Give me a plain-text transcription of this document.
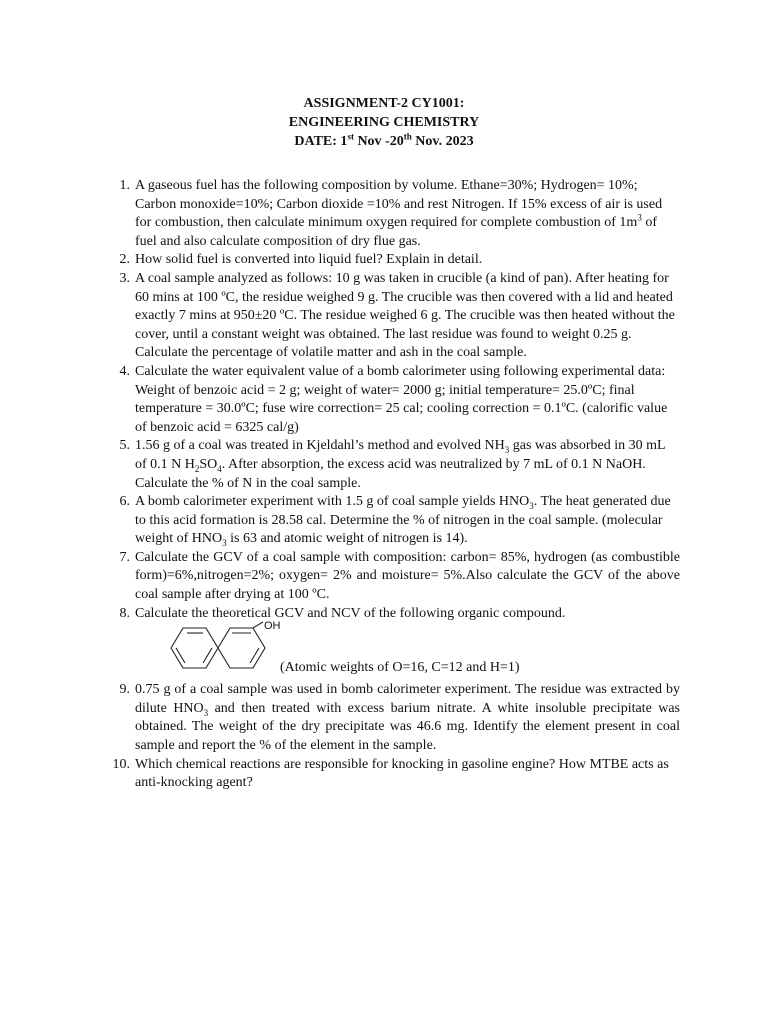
ASSIGNMENT-2 CY1001:
ENGINEERING CHEMISTRY
DATE: 1st Nov -20th Nov. 2023
1. A gaseous fuel has the following composition by volume. Ethane=30%; Hydrogen= 10%; Carbon monoxide=10%; Carbon dioxide =10% and rest Nitrogen. If 15% excess of air is used for combustion, then calculate minimum oxygen required for complete combustion of $1m^3$ of fuel and also calculate composition of dry flue gas.
2. How solid fuel is converted into liquid fuel? Explain in detail.
3. A coal sample analyzed as follows: 10 g was taken in crucible (a kind of pan). After heating for 60 mins at 100 ºC, the residue weighed 9 g. The crucible was then covered with a lid and heated exactly 7 mins at 950±20 ºC. The residue weighed 6 g. The crucible was then heated without the cover, until a constant weight was obtained. The last residue was found to weight 0.25 g. Calculate the percentage of volatile matter and ash in the coal sample.
4. Calculate the water equivalent value of a bomb calorimeter using following experimental data: Weight of benzoic acid = 2 g; weight of water= 2000 g; initial temperature= 25.0ºC; final temperature = 30.0ºC; fuse wire correction= 25 cal; cooling correction = 0.1ºC. (calorific value of benzoic acid = 6325 cal/g)
5. 1.56 g of a coal was treated in Kjeldahl’s method and evolved $NH_3$ gas was absorbed in 30 mL of 0.1 N $H_2SO_4$. After absorption, the excess acid was neutralized by 7 mL of 0.1 N NaOH. Calculate the % of N in the coal sample.
6. A bomb calorimeter experiment with 1.5 g of coal sample yields $HNO_3$. The heat generated due to this acid formation is 28.58 cal. Determine the % of nitrogen in the coal sample. (molecular weight of $HNO_3$ is 63 and atomic weight of nitrogen is 14).
7. Calculate the GCV of a coal sample with composition: carbon= 85%, hydrogen (as combustible form)=6%,nitrogen=2%; oxygen= 2% and moisture= 5%.Also calculate the GCV of the above coal sample after drying at 100 ºC.
8. Calculate the theoretical GCV and NCV of the following organic compound.
OH
(Atomic weights of O=16, C=12 and H=1)
9. 0.75 g of a coal sample was used in bomb calorimeter experiment. The residue was extracted by dilute $HNO_3$ and then treated with excess barium nitrate. A white insoluble precipitate was obtained. The weight of the dry precipitate was 46.6 mg. Identify the element present in coal sample and report the % of the element in the sample.
10. Which chemical reactions are responsible for knocking in gasoline engine? How MTBE acts as anti-knocking agent?
